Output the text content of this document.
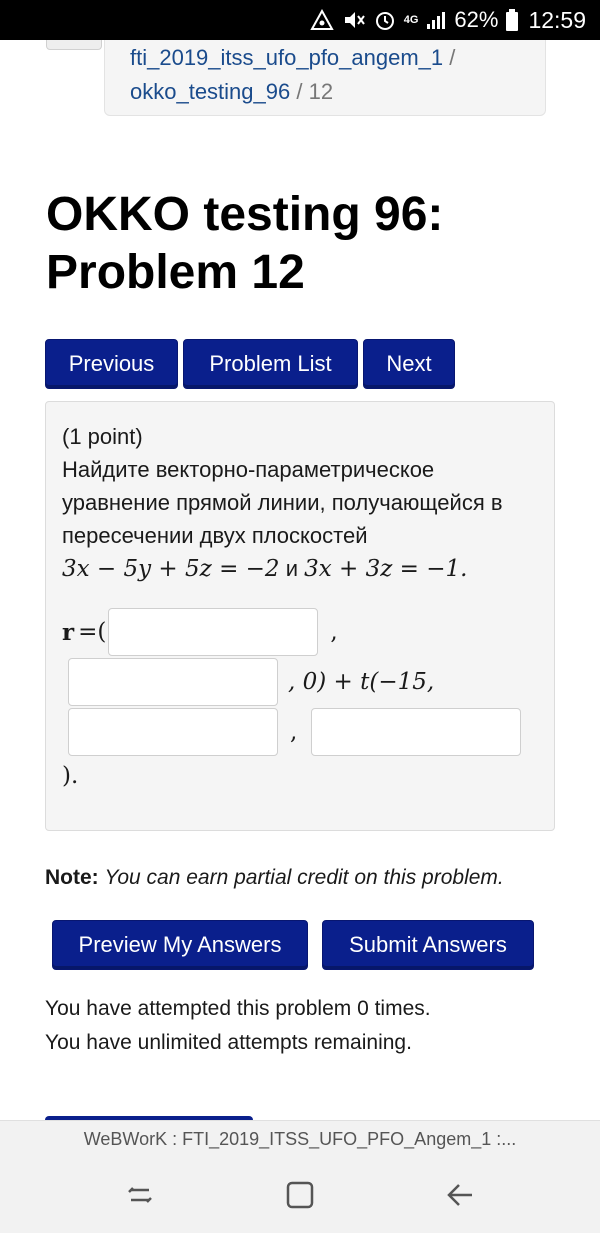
4G 62% 12:59
fti_2019_itss_ufo_pfo_angem_1 /
okko_testing_96 / 12
OKKO testing 96: Problem 12
Previous	Problem List	Next
(1 point)
Найдите векторно-параметрическое уравнение прямой линии, получающейся в пересечении двух плоскостей
3x − 5y + 5z = −2 и 3x + 3z = −1.
r =(	,
, 0) + t(−15,
,
).
Note: You can earn partial credit on this problem.
Preview My Answers	Submit Answers
You have attempted this problem 0 times.
You have unlimited attempts remaining.
WeBWorK : FTI_2019_ITSS_UFO_PFO_Angem_1 :...
